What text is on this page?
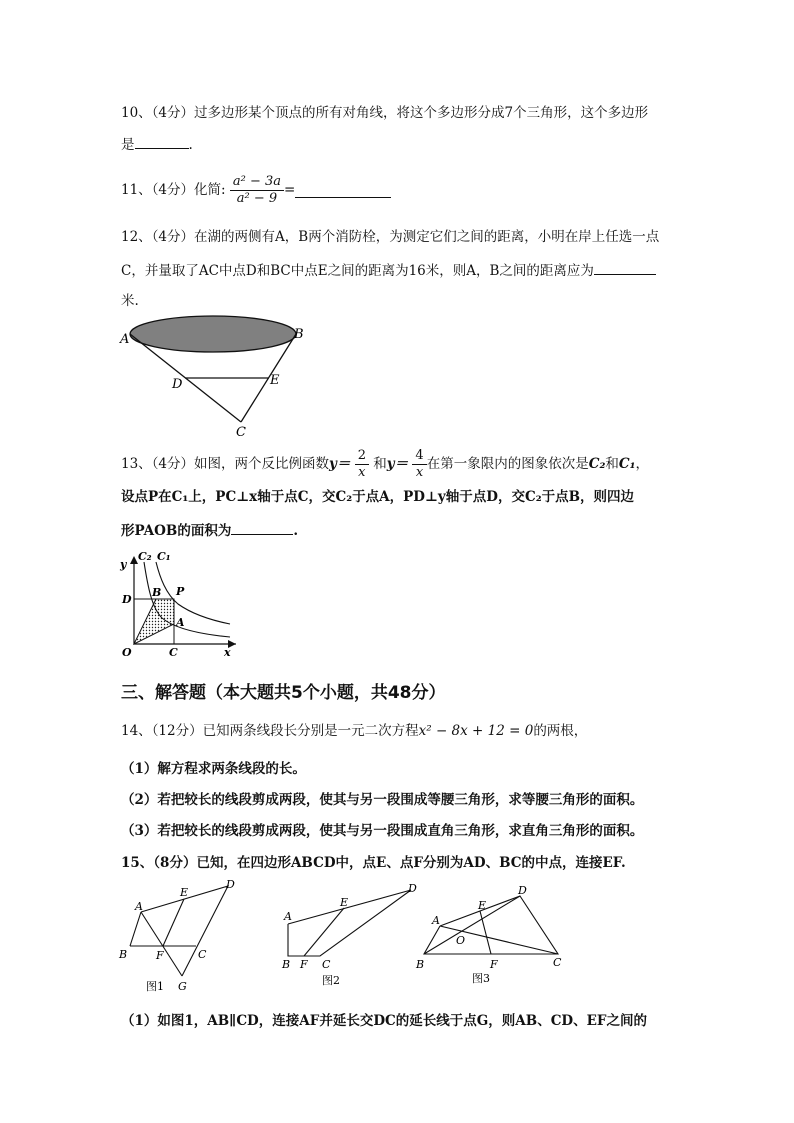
10、（4分）过多边形某个顶点的所有对角线，将这个多边形分成7个三角形，这个多边形
是	.
11、（4分）化简: $\frac{\text{a² − 3a}}{\text{a² − 9}}$ =
12、（4分）在湖的两侧有A，B两个消防栓，为测定它们之间的距离，小明在岸上任选一点
C，并量取了AC中点D和BC中点E之间的距离为16米，则A，B之间的距离应为
米.
A	B
D	E
C
13、（4分）如图，两个反比例函数$y= \frac{2}{x}$ 和$y= \frac{4}{x}$ 在第一象限内的图象依次是C₂和C₁，
设点P在C₁上，PC⊥x轴于点C，交C₂于点A，PD⊥y轴于点D，交C₂于点B，则四边
形PAOB的面积为	.
y
C₂ C₁
D
B P
A
O	C	x
三、解答题（本大题共5个小题，共48分）
14、（12分）已知两条线段长分别是一元二次方程x² − 8x + 12 = 0的两根，
（1）解方程求两条线段的长。
（2）若把较长的线段剪成两段，使其与另一段围成等腰三角形，求等腰三角形的面积。
（3）若把较长的线段剪成两段，使其与另一段围成直角三角形，求直角三角形的面积。
15、（8分）已知，在四边形ABCD中，点E、点F分别为AD、BC的中点，连接EF.
A
E
D
B	F	C
G
图1
A
E
D
B F C
图2
A
E
D
O
B	F	C
图3
（1）如图1，AB∥CD，连接AF并延长交DC的延长线于点G，则AB、CD、EF之间的
